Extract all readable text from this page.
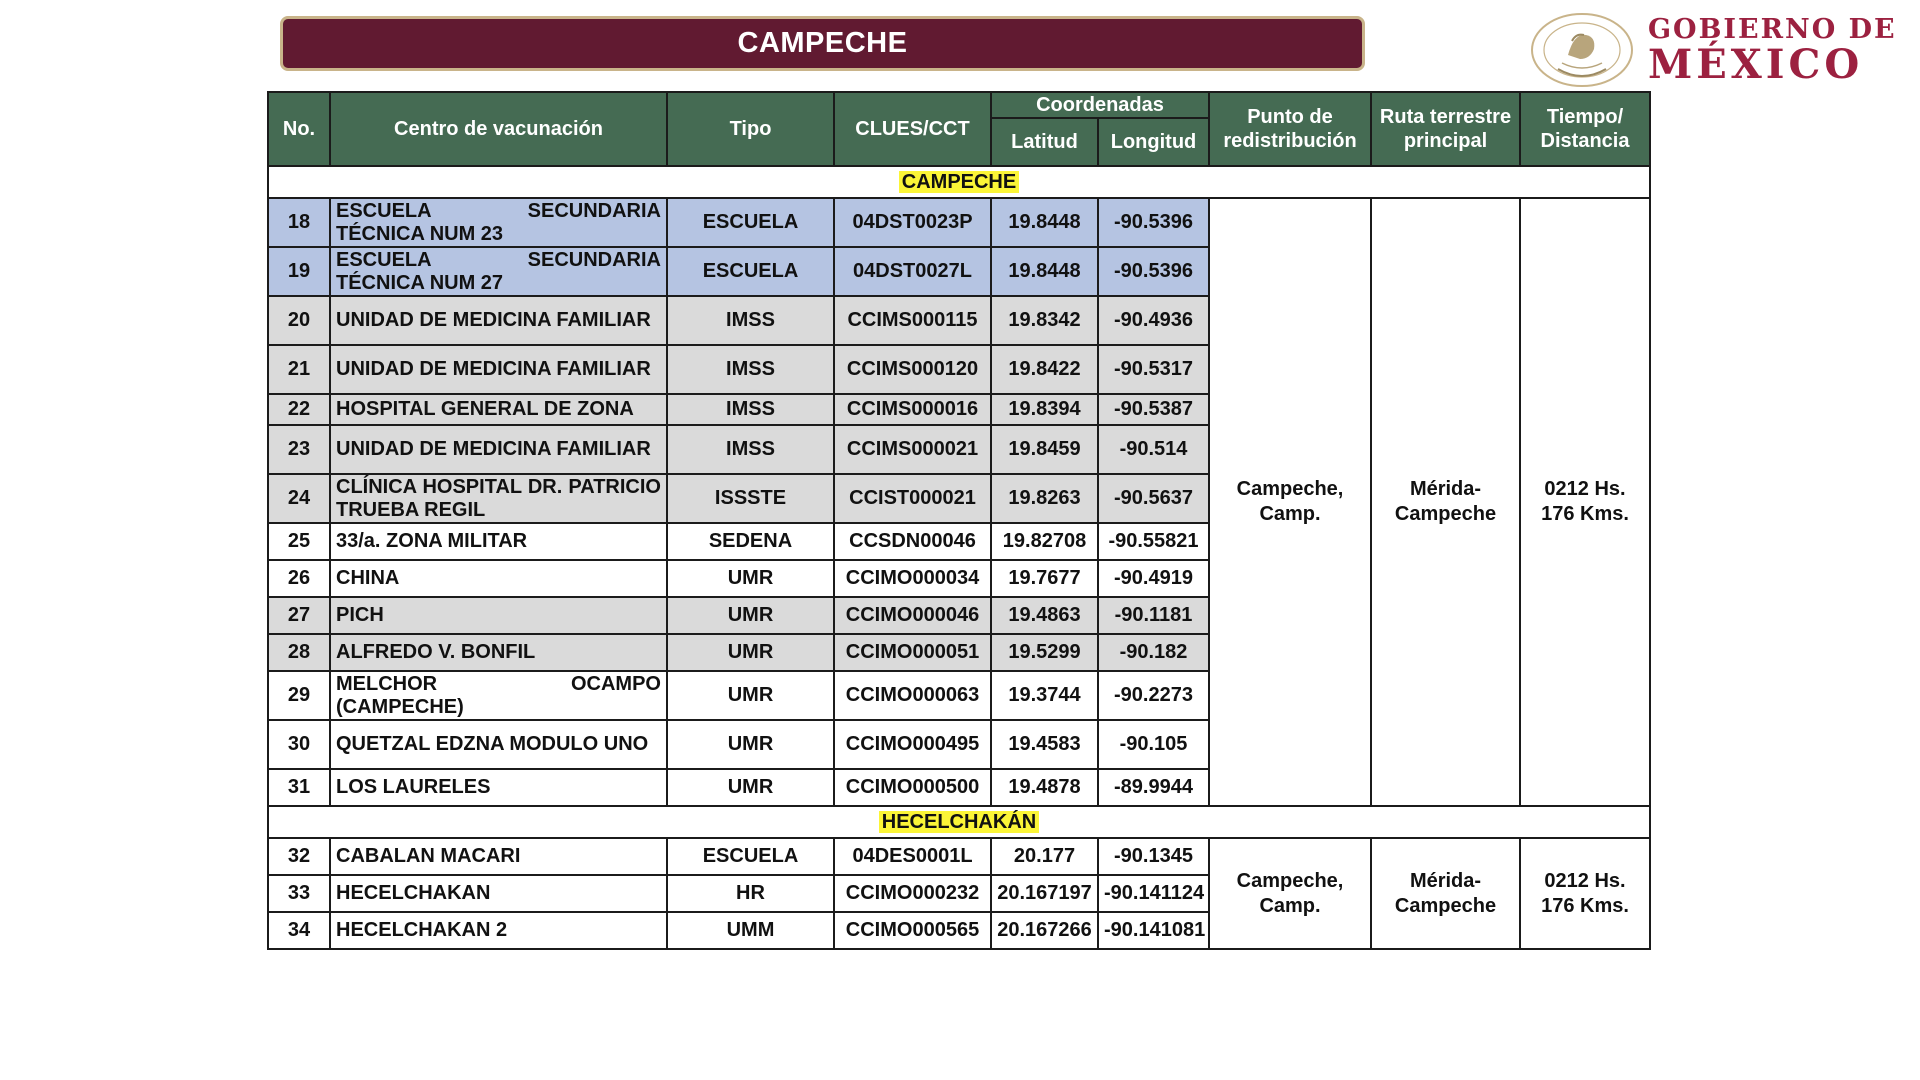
CAMPECHE	GOBIERNO DE
MÉXICO
No.	Centro de vacunación	Tipo	CLUES/CCT	Coordenadas		Punto de redistribución	Ruta terrestre principal	Tiempo/ Distancia
				Latitud	Longitud			
CAMPECHE								
18	ESCUELA SECUNDARIA TÉCNICA NUM 23	ESCUELA	04DST0023P	19.8448	-90.5396	Campeche, Camp.	Mérida- Campeche	0212 Hs. 176 Kms.
19	ESCUELA SECUNDARIA TÉCNICA NUM 27	ESCUELA	04DST0027L	19.8448	-90.5396			
20	UNIDAD DE MEDICINA FAMILIAR	IMSS	CCIMS000115	19.8342	-90.4936			
21	UNIDAD DE MEDICINA FAMILIAR	IMSS	CCIMS000120	19.8422	-90.5317			
22	HOSPITAL GENERAL DE ZONA	IMSS	CCIMS000016	19.8394	-90.5387			
23	UNIDAD DE MEDICINA FAMILIAR	IMSS	CCIMS000021	19.8459	-90.514			
24	CLÍNICA HOSPITAL DR. PATRICIO TRUEBA REGIL	ISSSTE	CCIST000021	19.8263	-90.5637			
25	33/a. ZONA MILITAR	SEDENA	CCSDN00046	19.82708	-90.55821			
26	CHINA	UMR	CCIMO000034	19.7677	-90.4919			
27	PICH	UMR	CCIMO000046	19.4863	-90.1181			
28	ALFREDO V. BONFIL	UMR	CCIMO000051	19.5299	-90.182			
29	MELCHOR OCAMPO (CAMPECHE)	UMR	CCIMO000063	19.3744	-90.2273			
30	QUETZAL EDZNA MODULO UNO	UMR	CCIMO000495	19.4583	-90.105			
31	LOS LAURELES	UMR	CCIMO000500	19.4878	-89.9944			
HECELCHAKÁN								
32	CABALAN MACARI	ESCUELA	04DES0001L	20.177	-90.1345	Campeche, Camp.	Mérida- Campeche	0212 Hs. 176 Kms.
33	HECELCHAKAN	HR	CCIMO000232	20.167197	-90.141124			
34	HECELCHAKAN 2	UMM	CCIMO000565	20.167266	-90.141081			
